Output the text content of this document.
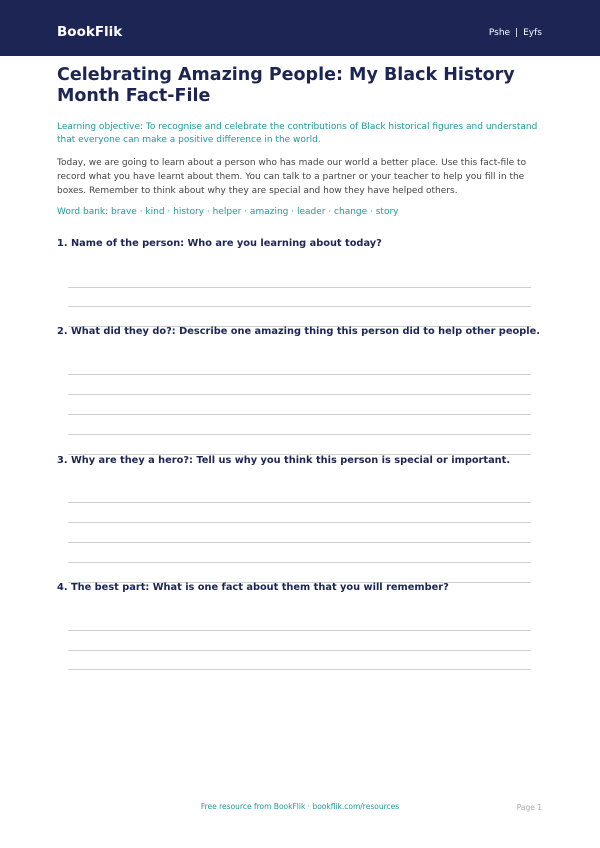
BookFlik	Pshe | Eyfs
Celebrating Amazing People: My Black History Month Fact-File

Learning objective: To recognise and celebrate the contributions of Black historical figures and understand that everyone can make a positive difference in the world.

Today, we are going to learn about a person who has made our world a better place. Use this fact-file to record what you have learnt about them. You can talk to a partner or your teacher to help you fill in the boxes. Remember to think about why they are special and how they have helped others.

Word bank: brave · kind · history · helper · amazing · leader · change · story

1. Name of the person: Who are you learning about today?
2. What did they do?: Describe one amazing thing this person did to help other people.
3. Why are they a hero?: Tell us why you think this person is special or important.
4. The best part: What is one fact about them that you will remember?
Free resource from BookFlik · bookflik.com/resources	Page 1
